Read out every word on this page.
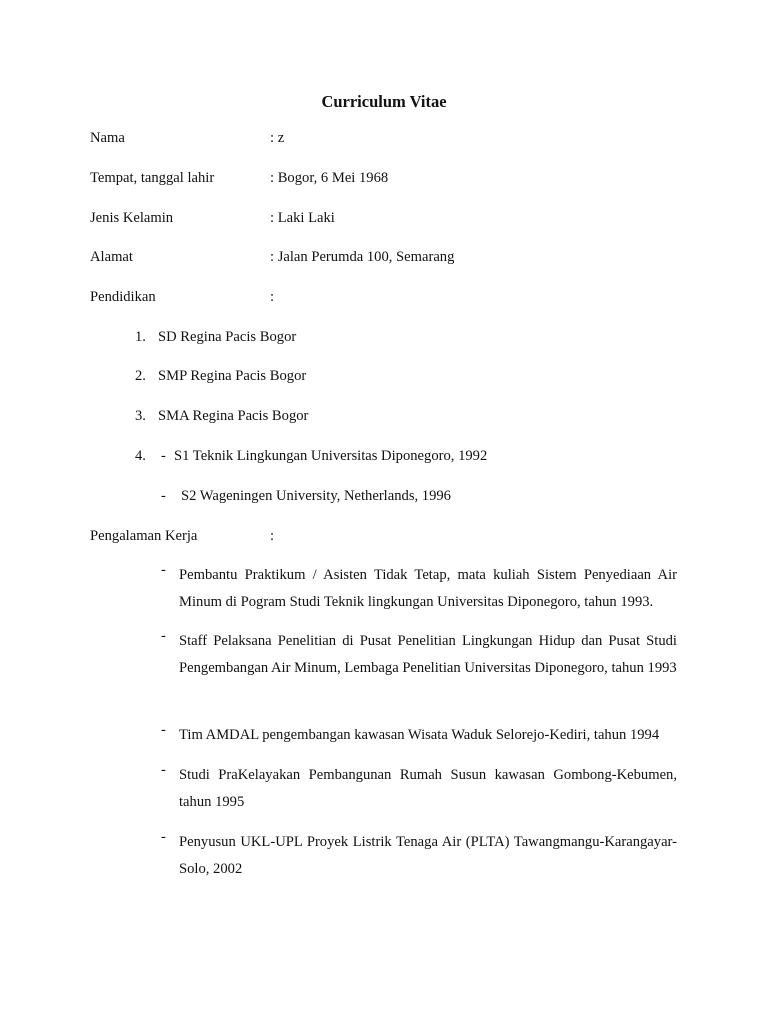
Curriculum Vitae
Nama	: z
Tempat, tanggal lahir	: Bogor, 6 Mei 1968
Jenis Kelamin	: Laki Laki
Alamat	: Jalan Perumda 100, Semarang
Pendidikan	:
1. SD Regina Pacis Bogor
2. SMP Regina Pacis Bogor
3. SMA Regina Pacis Bogor
4. - S1 Teknik Lingkungan Universitas Diponegoro, 1992
- S2 Wageningen University, Netherlands, 1996
Pengalaman Kerja	:
- Pembantu Praktikum / Asisten Tidak Tetap, mata kuliah Sistem Penyediaan Air Minum di Pogram Studi Teknik lingkungan Universitas Diponegoro, tahun 1993.
- Staff Pelaksana Penelitian di Pusat Penelitian Lingkungan Hidup dan Pusat Studi Pengembangan Air Minum, Lembaga Penelitian Universitas Diponegoro, tahun 1993
- Tim AMDAL pengembangan kawasan Wisata Waduk Selorejo-Kediri, tahun 1994
- Studi PraKelayakan Pembangunan Rumah Susun kawasan Gombong-Kebumen, tahun 1995
- Penyusun UKL-UPL Proyek Listrik Tenaga Air (PLTA) Tawangmangu-Karangayar-Solo, 2002
